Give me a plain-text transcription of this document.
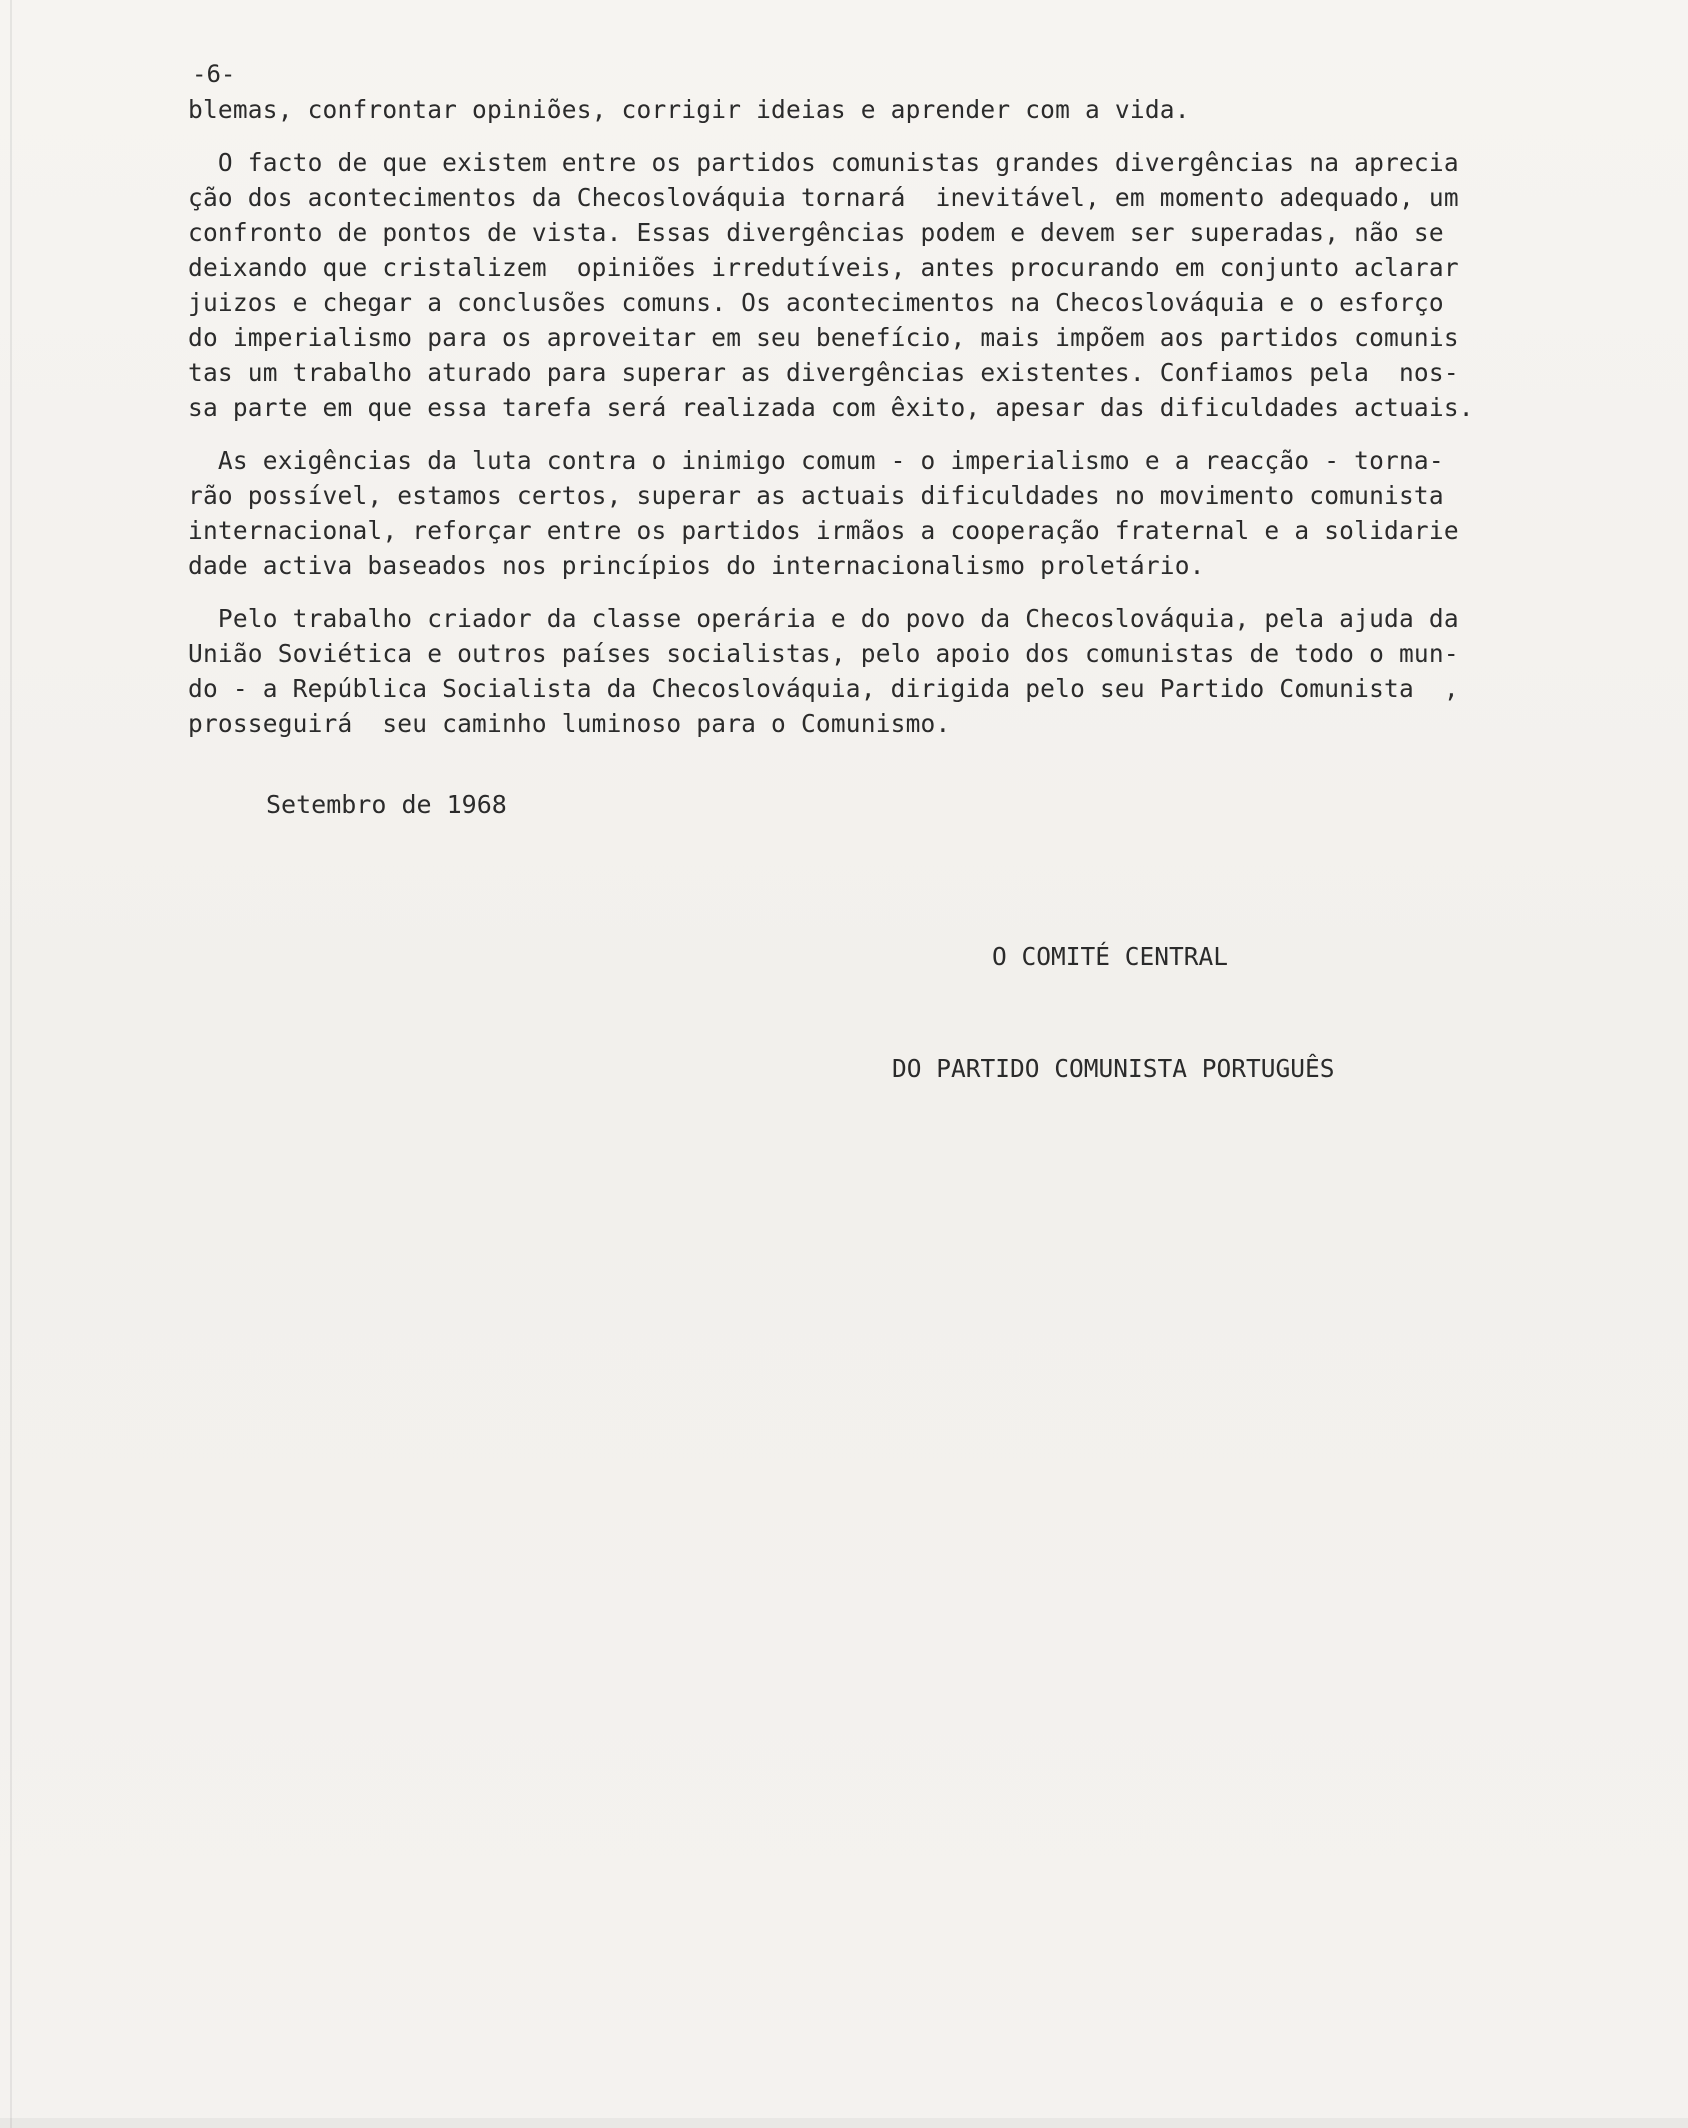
-6-
blemas, confrontar opiniões, corrigir ideias e aprender com a vida.
O facto de que existem entre os partidos comunistas grandes divergências na aprecia
ção dos acontecimentos da Checoslováquia tornará  inevitável, em momento adequado, um
confronto de pontos de vista. Essas divergências podem e devem ser superadas, não se
deixando que cristalizem  opiniões irredutíveis, antes procurando em conjunto aclarar
juizos e chegar a conclusões comuns. Os acontecimentos na Checoslováquia e o esforço
do imperialismo para os aproveitar em seu benefício, mais impõem aos partidos comunis
tas um trabalho aturado para superar as divergências existentes. Confiamos pela  nos-
sa parte em que essa tarefa será realizada com êxito, apesar das dificuldades actuais.
As exigências da luta contra o inimigo comum - o imperialismo e a reacção - torna-
rão possível, estamos certos, superar as actuais dificuldades no movimento comunista
internacional, reforçar entre os partidos irmãos a cooperação fraternal e a solidarie
dade activa baseados nos princípios do internacionalismo proletário.
Pelo trabalho criador da classe operária e do povo da Checoslováquia, pela ajuda da
União Soviética e outros países socialistas, pelo apoio dos comunistas de todo o mun-
do - a República Socialista da Checoslováquia, dirigida pelo seu Partido Comunista  ,
prosseguirá  seu caminho luminoso para o Comunismo.
Setembro de 1968

O COMITÉ CENTRAL

DO PARTIDO COMUNISTA PORTUGUÊS
